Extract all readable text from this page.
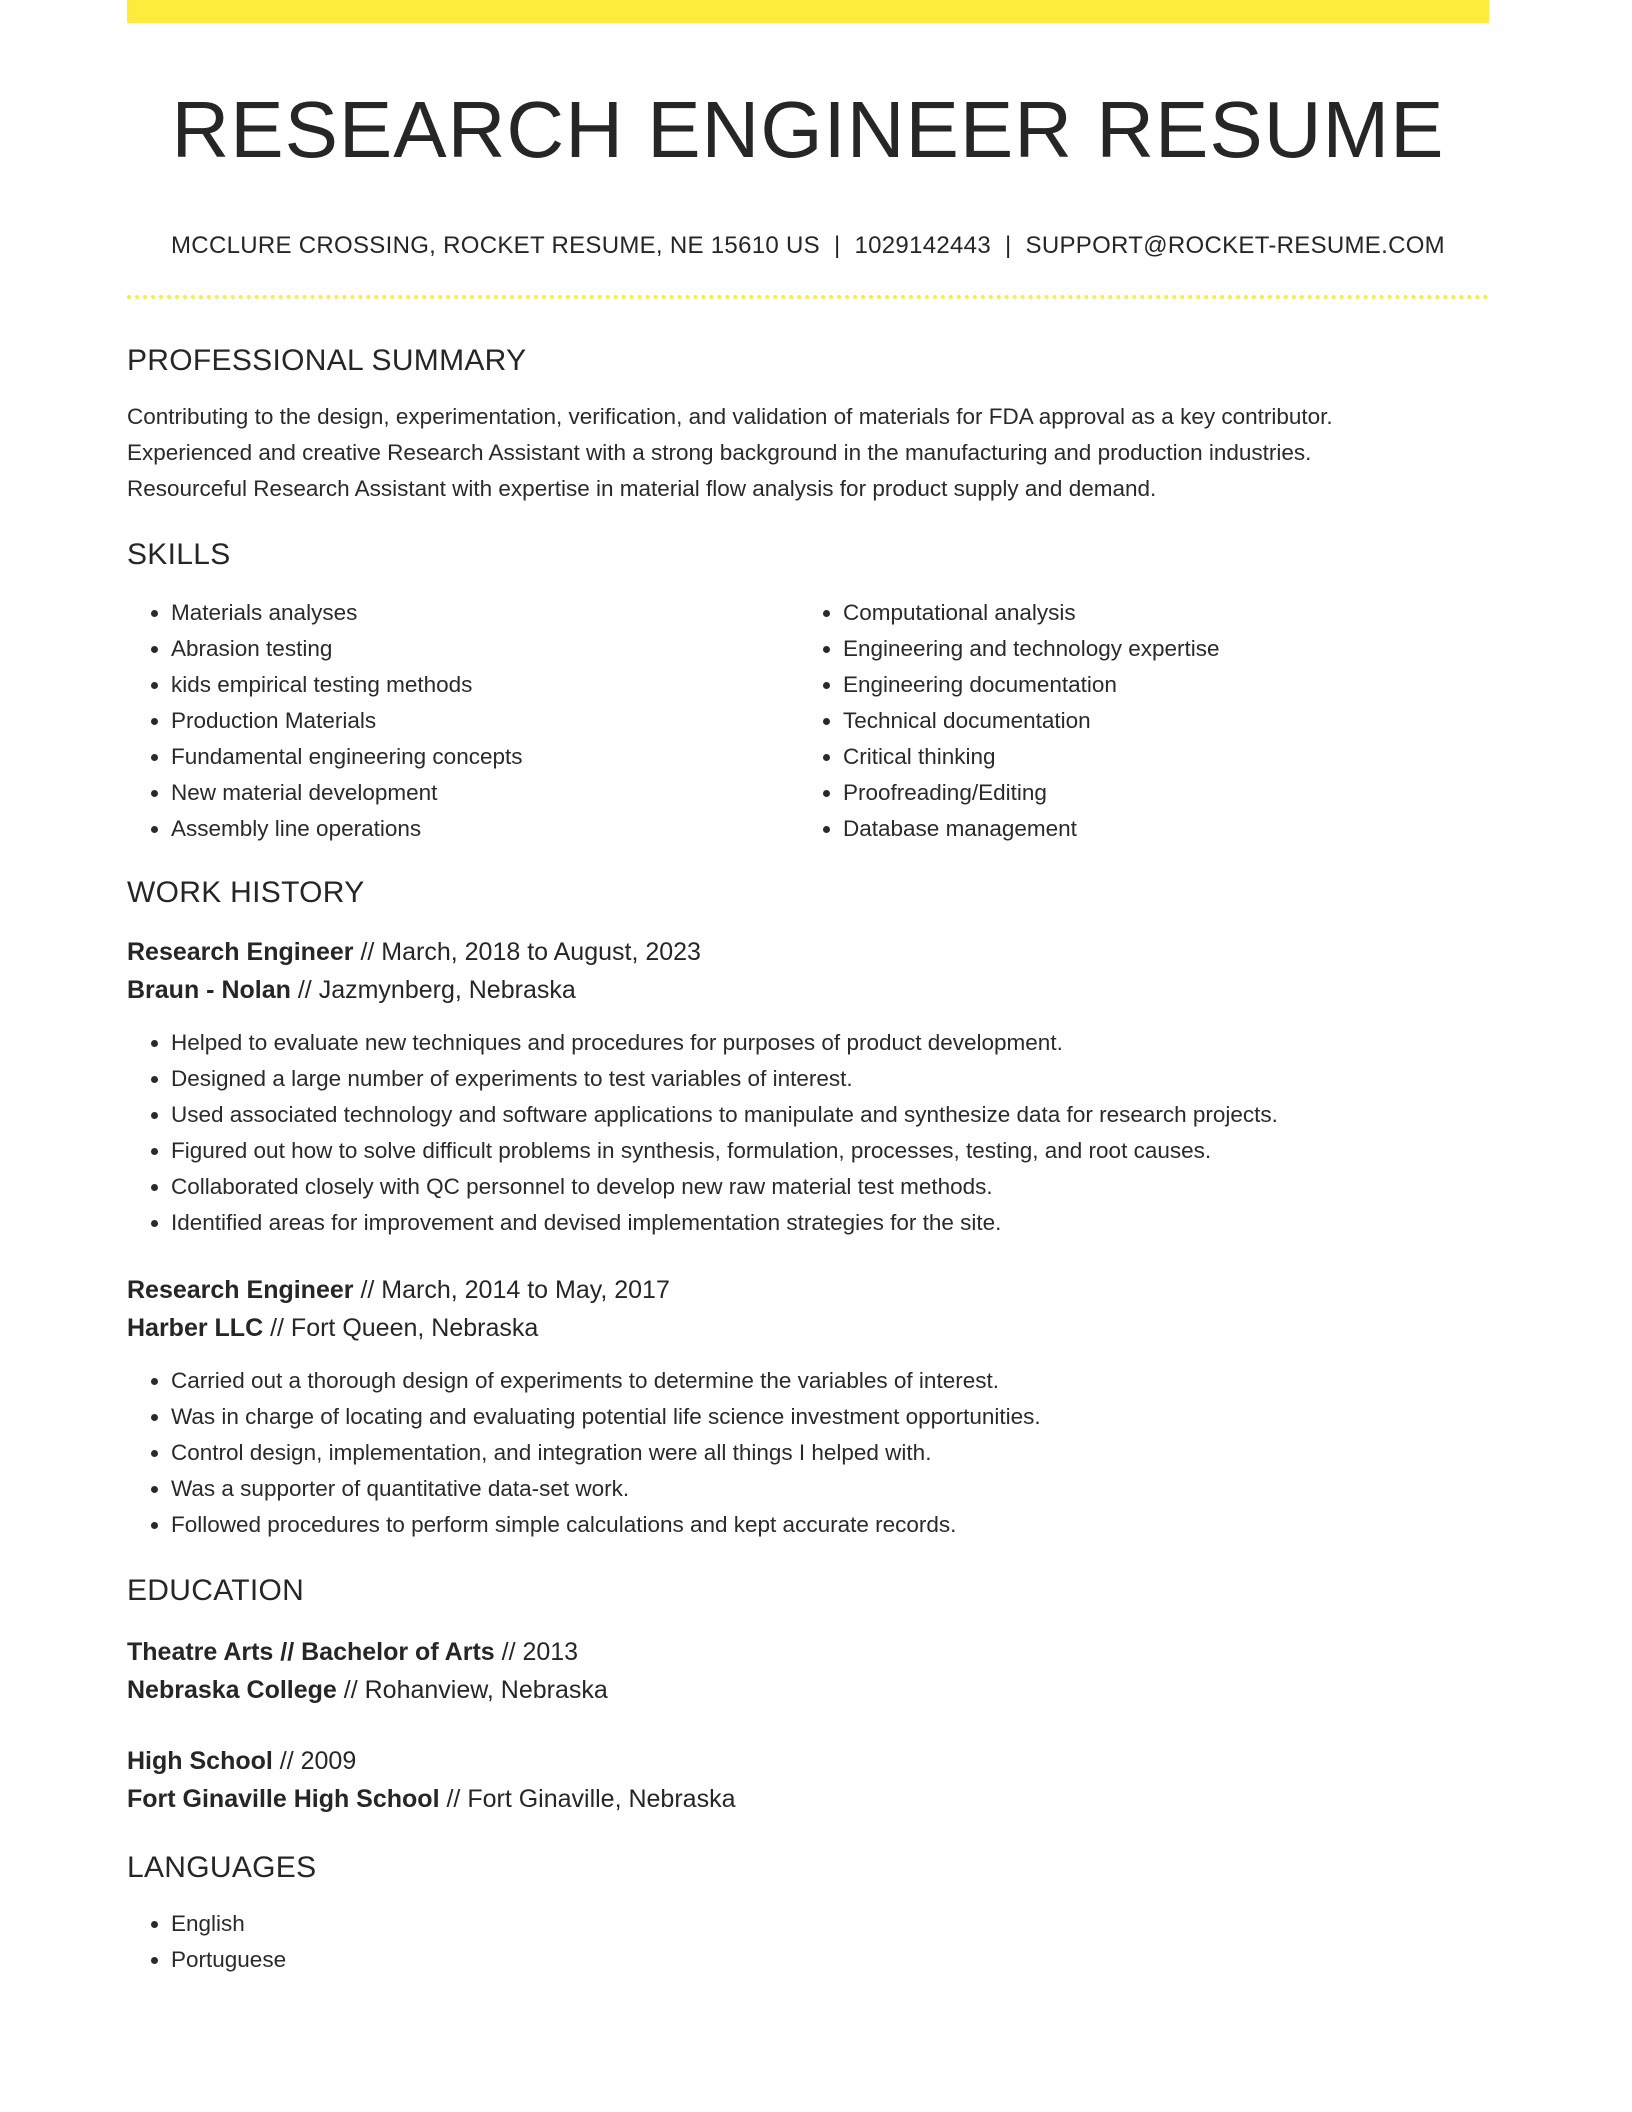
RESEARCH ENGINEER RESUME
MCCLURE CROSSING, ROCKET RESUME, NE 15610 US | 1029142443 | SUPPORT@ROCKET-RESUME.COM
PROFESSIONAL SUMMARY
Contributing to the design, experimentation, verification, and validation of materials for FDA approval as a key contributor.
Experienced and creative Research Assistant with a strong background in the manufacturing and production industries.
Resourceful Research Assistant with expertise in material flow analysis for product supply and demand.
SKILLS
• Materials analyses
• Abrasion testing
• kids empirical testing methods
• Production Materials
• Fundamental engineering concepts
• New material development
• Assembly line operations
• Computational analysis
• Engineering and technology expertise
• Engineering documentation
• Technical documentation
• Critical thinking
• Proofreading/Editing
• Database management
WORK HISTORY
Research Engineer // March, 2018 to August, 2023
Braun - Nolan // Jazmynberg, Nebraska
• Helped to evaluate new techniques and procedures for purposes of product development.
• Designed a large number of experiments to test variables of interest.
• Used associated technology and software applications to manipulate and synthesize data for research projects.
• Figured out how to solve difficult problems in synthesis, formulation, processes, testing, and root causes.
• Collaborated closely with QC personnel to develop new raw material test methods.
• Identified areas for improvement and devised implementation strategies for the site.
Research Engineer // March, 2014 to May, 2017
Harber LLC // Fort Queen, Nebraska
• Carried out a thorough design of experiments to determine the variables of interest.
• Was in charge of locating and evaluating potential life science investment opportunities.
• Control design, implementation, and integration were all things I helped with.
• Was a supporter of quantitative data-set work.
• Followed procedures to perform simple calculations and kept accurate records.
EDUCATION
Theatre Arts // Bachelor of Arts // 2013
Nebraska College // Rohanview, Nebraska
High School // 2009
Fort Ginaville High School // Fort Ginaville, Nebraska
LANGUAGES
• English
• Portuguese
